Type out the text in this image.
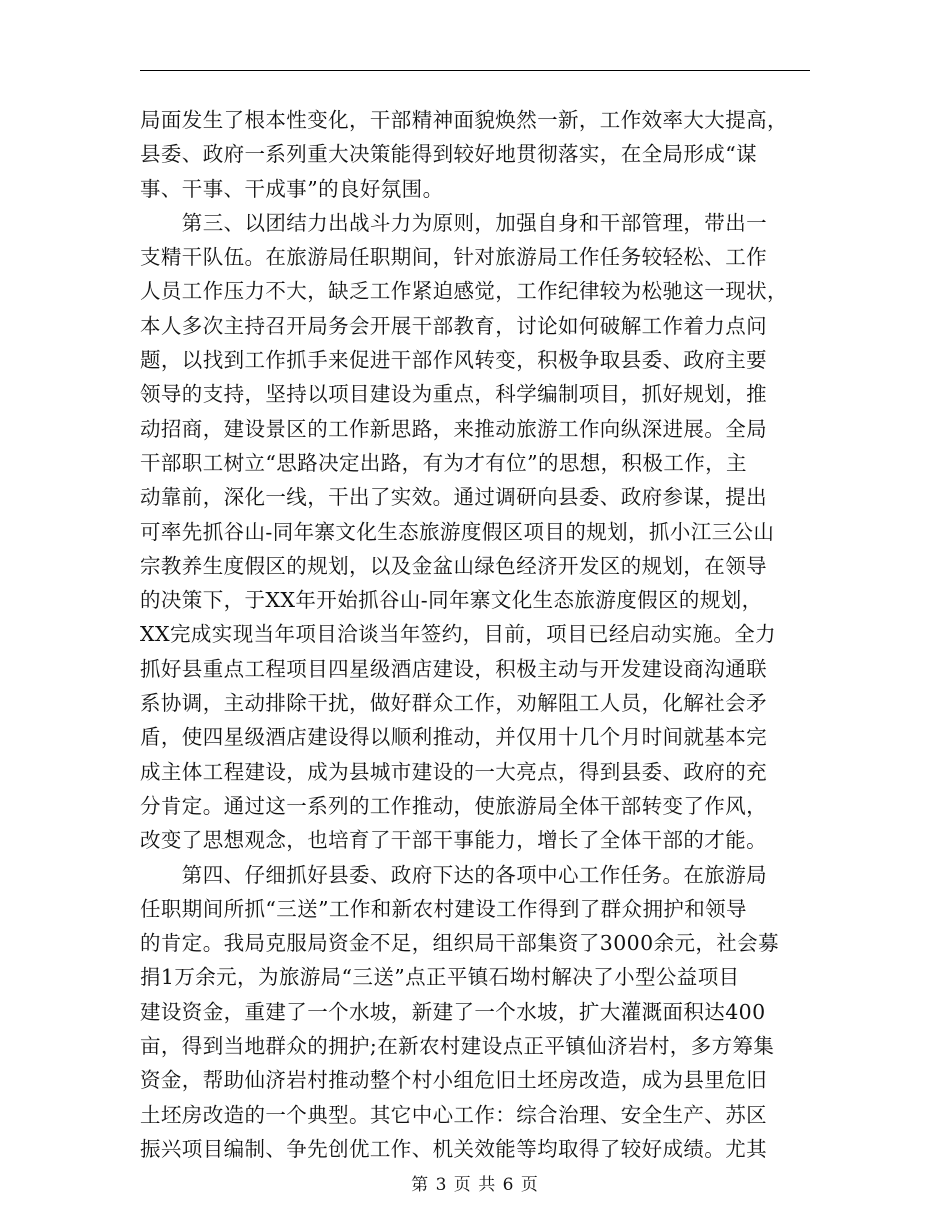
局面发生了根本性变化，干部精神面貌焕然一新，工作效率大大提高，
县委、政府一系列重大决策能得到较好地贯彻落实，在全局形成“谋
事、干事、干成事”的良好氛围。
　　第三、以团结力出战斗力为原则，加强自身和干部管理，带出一
支精干队伍。在旅游局任职期间，针对旅游局工作任务较轻松、工作
人员工作压力不大，缺乏工作紧迫感觉，工作纪律较为松驰这一现状，
本人多次主持召开局务会开展干部教育，讨论如何破解工作着力点问
题，以找到工作抓手来促进干部作风转变，积极争取县委、政府主要
领导的支持，坚持以项目建设为重点，科学编制项目，抓好规划，推
动招商，建设景区的工作新思路，来推动旅游工作向纵深进展。全局
干部职工树立“思路决定出路，有为才有位”的思想，积极工作，主
动靠前，深化一线，干出了实效。通过调研向县委、政府参谋，提出
可率先抓谷山-同年寨文化生态旅游度假区项目的规划，抓小江三公山
宗教养生度假区的规划，以及金盆山绿色经济开发区的规划，在领导
的决策下，于XX年开始抓谷山-同年寨文化生态旅游度假区的规划，
XX完成实现当年项目洽谈当年签约，目前，项目已经启动实施。全力
抓好县重点工程项目四星级酒店建设，积极主动与开发建设商沟通联
系协调，主动排除干扰，做好群众工作，劝解阻工人员，化解社会矛
盾，使四星级酒店建设得以顺利推动，并仅用十几个月时间就基本完
成主体工程建设，成为县城市建设的一大亮点，得到县委、政府的充
分肯定。通过这一系列的工作推动，使旅游局全体干部转变了作风，
改变了思想观念，也培育了干部干事能力，增长了全体干部的才能。
　　第四、仔细抓好县委、政府下达的各项中心工作任务。在旅游局
任职期间所抓“三送”工作和新农村建设工作得到了群众拥护和领导
的肯定。我局克服局资金不足，组织局干部集资了3000余元，社会募
捐1万余元，为旅游局“三送”点正平镇石坳村解决了小型公益项目
建设资金，重建了一个水坡，新建了一个水坡，扩大灌溉面积达400
亩，得到当地群众的拥护;在新农村建设点正平镇仙济岩村，多方筹集
资金，帮助仙济岩村推动整个村小组危旧土坯房改造，成为县里危旧
土坯房改造的一个典型。其它中心工作：综合治理、安全生产、苏区
振兴项目编制、争先创优工作、机关效能等均取得了较好成绩。尤其
第 3 页 共 6 页
